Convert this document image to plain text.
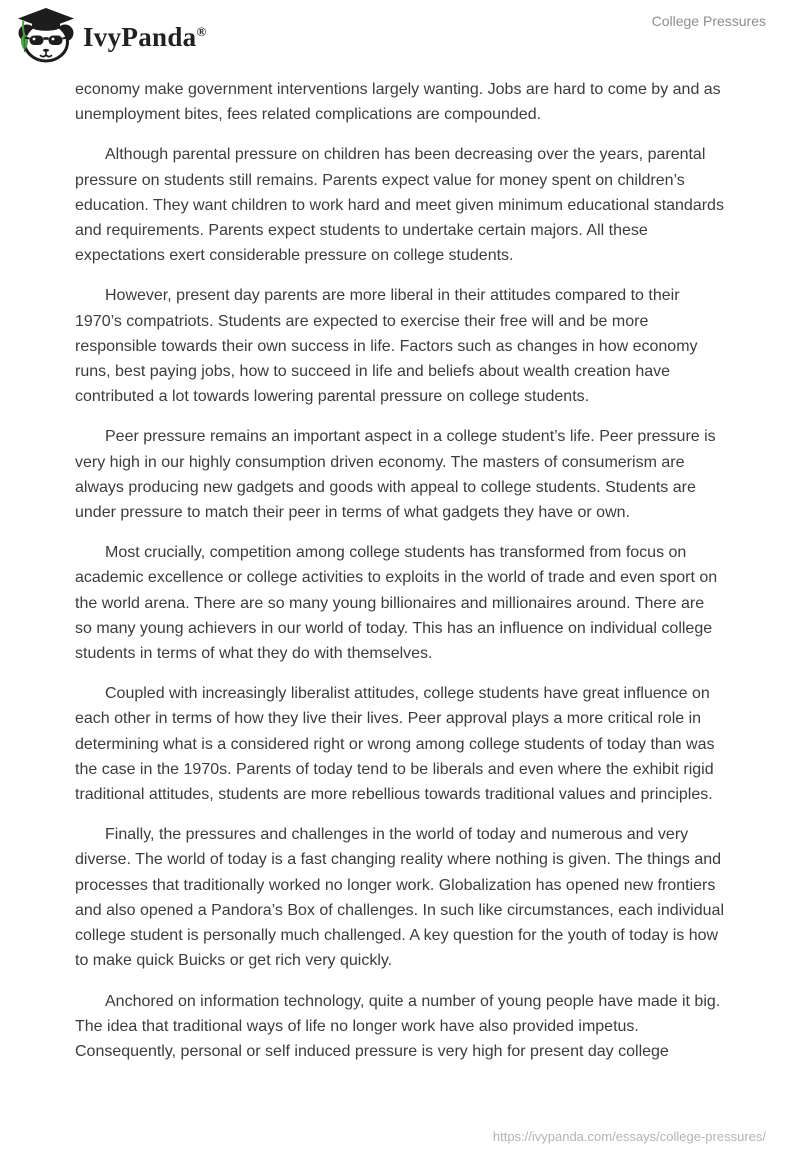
IvyPanda®
College Pressures

economy make government interventions largely wanting. Jobs are hard to come by and as unemployment bites, fees related complications are compounded.

Although parental pressure on children has been decreasing over the years, parental pressure on students still remains. Parents expect value for money spent on children’s education. They want children to work hard and meet given minimum educational standards and requirements. Parents expect students to undertake certain majors. All these expectations exert considerable pressure on college students.

However, present day parents are more liberal in their attitudes compared to their 1970’s compatriots. Students are expected to exercise their free will and be more responsible towards their own success in life. Factors such as changes in how economy runs, best paying jobs, how to succeed in life and beliefs about wealth creation have contributed a lot towards lowering parental pressure on college students.

Peer pressure remains an important aspect in a college student’s life. Peer pressure is very high in our highly consumption driven economy. The masters of consumerism are always producing new gadgets and goods with appeal to college students. Students are under pressure to match their peer in terms of what gadgets they have or own.

Most crucially, competition among college students has transformed from focus on academic excellence or college activities to exploits in the world of trade and even sport on the world arena. There are so many young billionaires and millionaires around. There are so many young achievers in our world of today. This has an influence on individual college students in terms of what they do with themselves.

Coupled with increasingly liberalist attitudes, college students have great influence on each other in terms of how they live their lives. Peer approval plays a more critical role in determining what is a considered right or wrong among college students of today than was the case in the 1970s. Parents of today tend to be liberals and even where the exhibit rigid traditional attitudes, students are more rebellious towards traditional values and principles.

Finally, the pressures and challenges in the world of today and numerous and very diverse. The world of today is a fast changing reality where nothing is given. The things and processes that traditionally worked no longer work. Globalization has opened new frontiers and also opened a Pandora’s Box of challenges. In such like circumstances, each individual college student is personally much challenged. A key question for the youth of today is how to make quick Buicks or get rich very quickly.

Anchored on information technology, quite a number of young people have made it big. The idea that traditional ways of life no longer work have also provided impetus. Consequently, personal or self induced pressure is very high for present day college

https://ivypanda.com/essays/college-pressures/
